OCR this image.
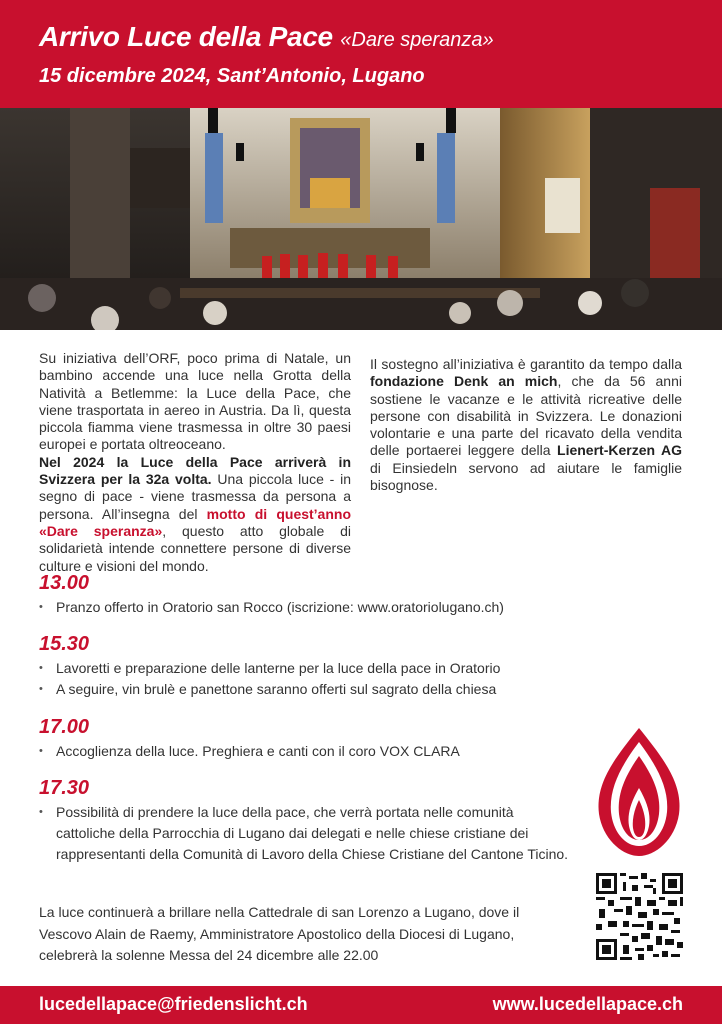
Arrivo Luce della Pace «Dare speranza»
15 dicembre 2024, Sant’Antonio, Lugano
Su iniziativa dell’ORF, poco prima di Natale, un bambino accende una luce nella Grotta della Natività a Betlemme: la Luce della Pace, che viene trasportata in aereo in Austria. Da lì, questa piccola fiamma viene trasmessa in oltre 30 paesi europei e portata oltreoceano.
Nel 2024 la Luce della Pace arriverà in Svizzera per la 32a volta. Una piccola luce - in segno di pace - viene trasmessa da persona a persona. All’insegna del motto di quest’anno «Dare speranza», questo atto globale di solidarietà intende connettere persone di diverse culture e visioni del mondo.
Il sostegno all’iniziativa è garantito da tempo dalla fondazione Denk an mich, che da 56 anni sostiene le vacanze e le attività ricreative delle persone con disabilità in Svizzera. Le donazioni volontarie e una parte del ricavato della vendita delle portaerei leggere della Lienert-Kerzen AG di Einsiedeln servono ad aiutare le famiglie bisognose.
13.00
• Pranzo offerto in Oratorio san Rocco (iscrizione: www.oratoriolugano.ch)
15.30
• Lavoretti e preparazione delle lanterne per la luce della pace in Oratorio
• A seguire, vin brulè e panettone saranno offerti sul sagrato della chiesa
17.00
• Accoglienza della luce. Preghiera e canti con il coro VOX CLARA
17.30
• Possibilità di prendere la luce della pace, che verrà portata nelle comunità cattoliche della Parrocchia di Lugano dai delegati e nelle chiese cristiane dei rappresentanti della Comunità di Lavoro della Chiese Cristiane del Cantone Ticino.
La luce continuerà a brillare nella Cattedrale di san Lorenzo a Lugano, dove il Vescovo Alain de Raemy, Amministratore Apostolico della Diocesi di Lugano, celebrerà la solenne Messa del 24 dicembre alle 22.00
lucedellapace@friedenslicht.ch	www.lucedellapace.ch
